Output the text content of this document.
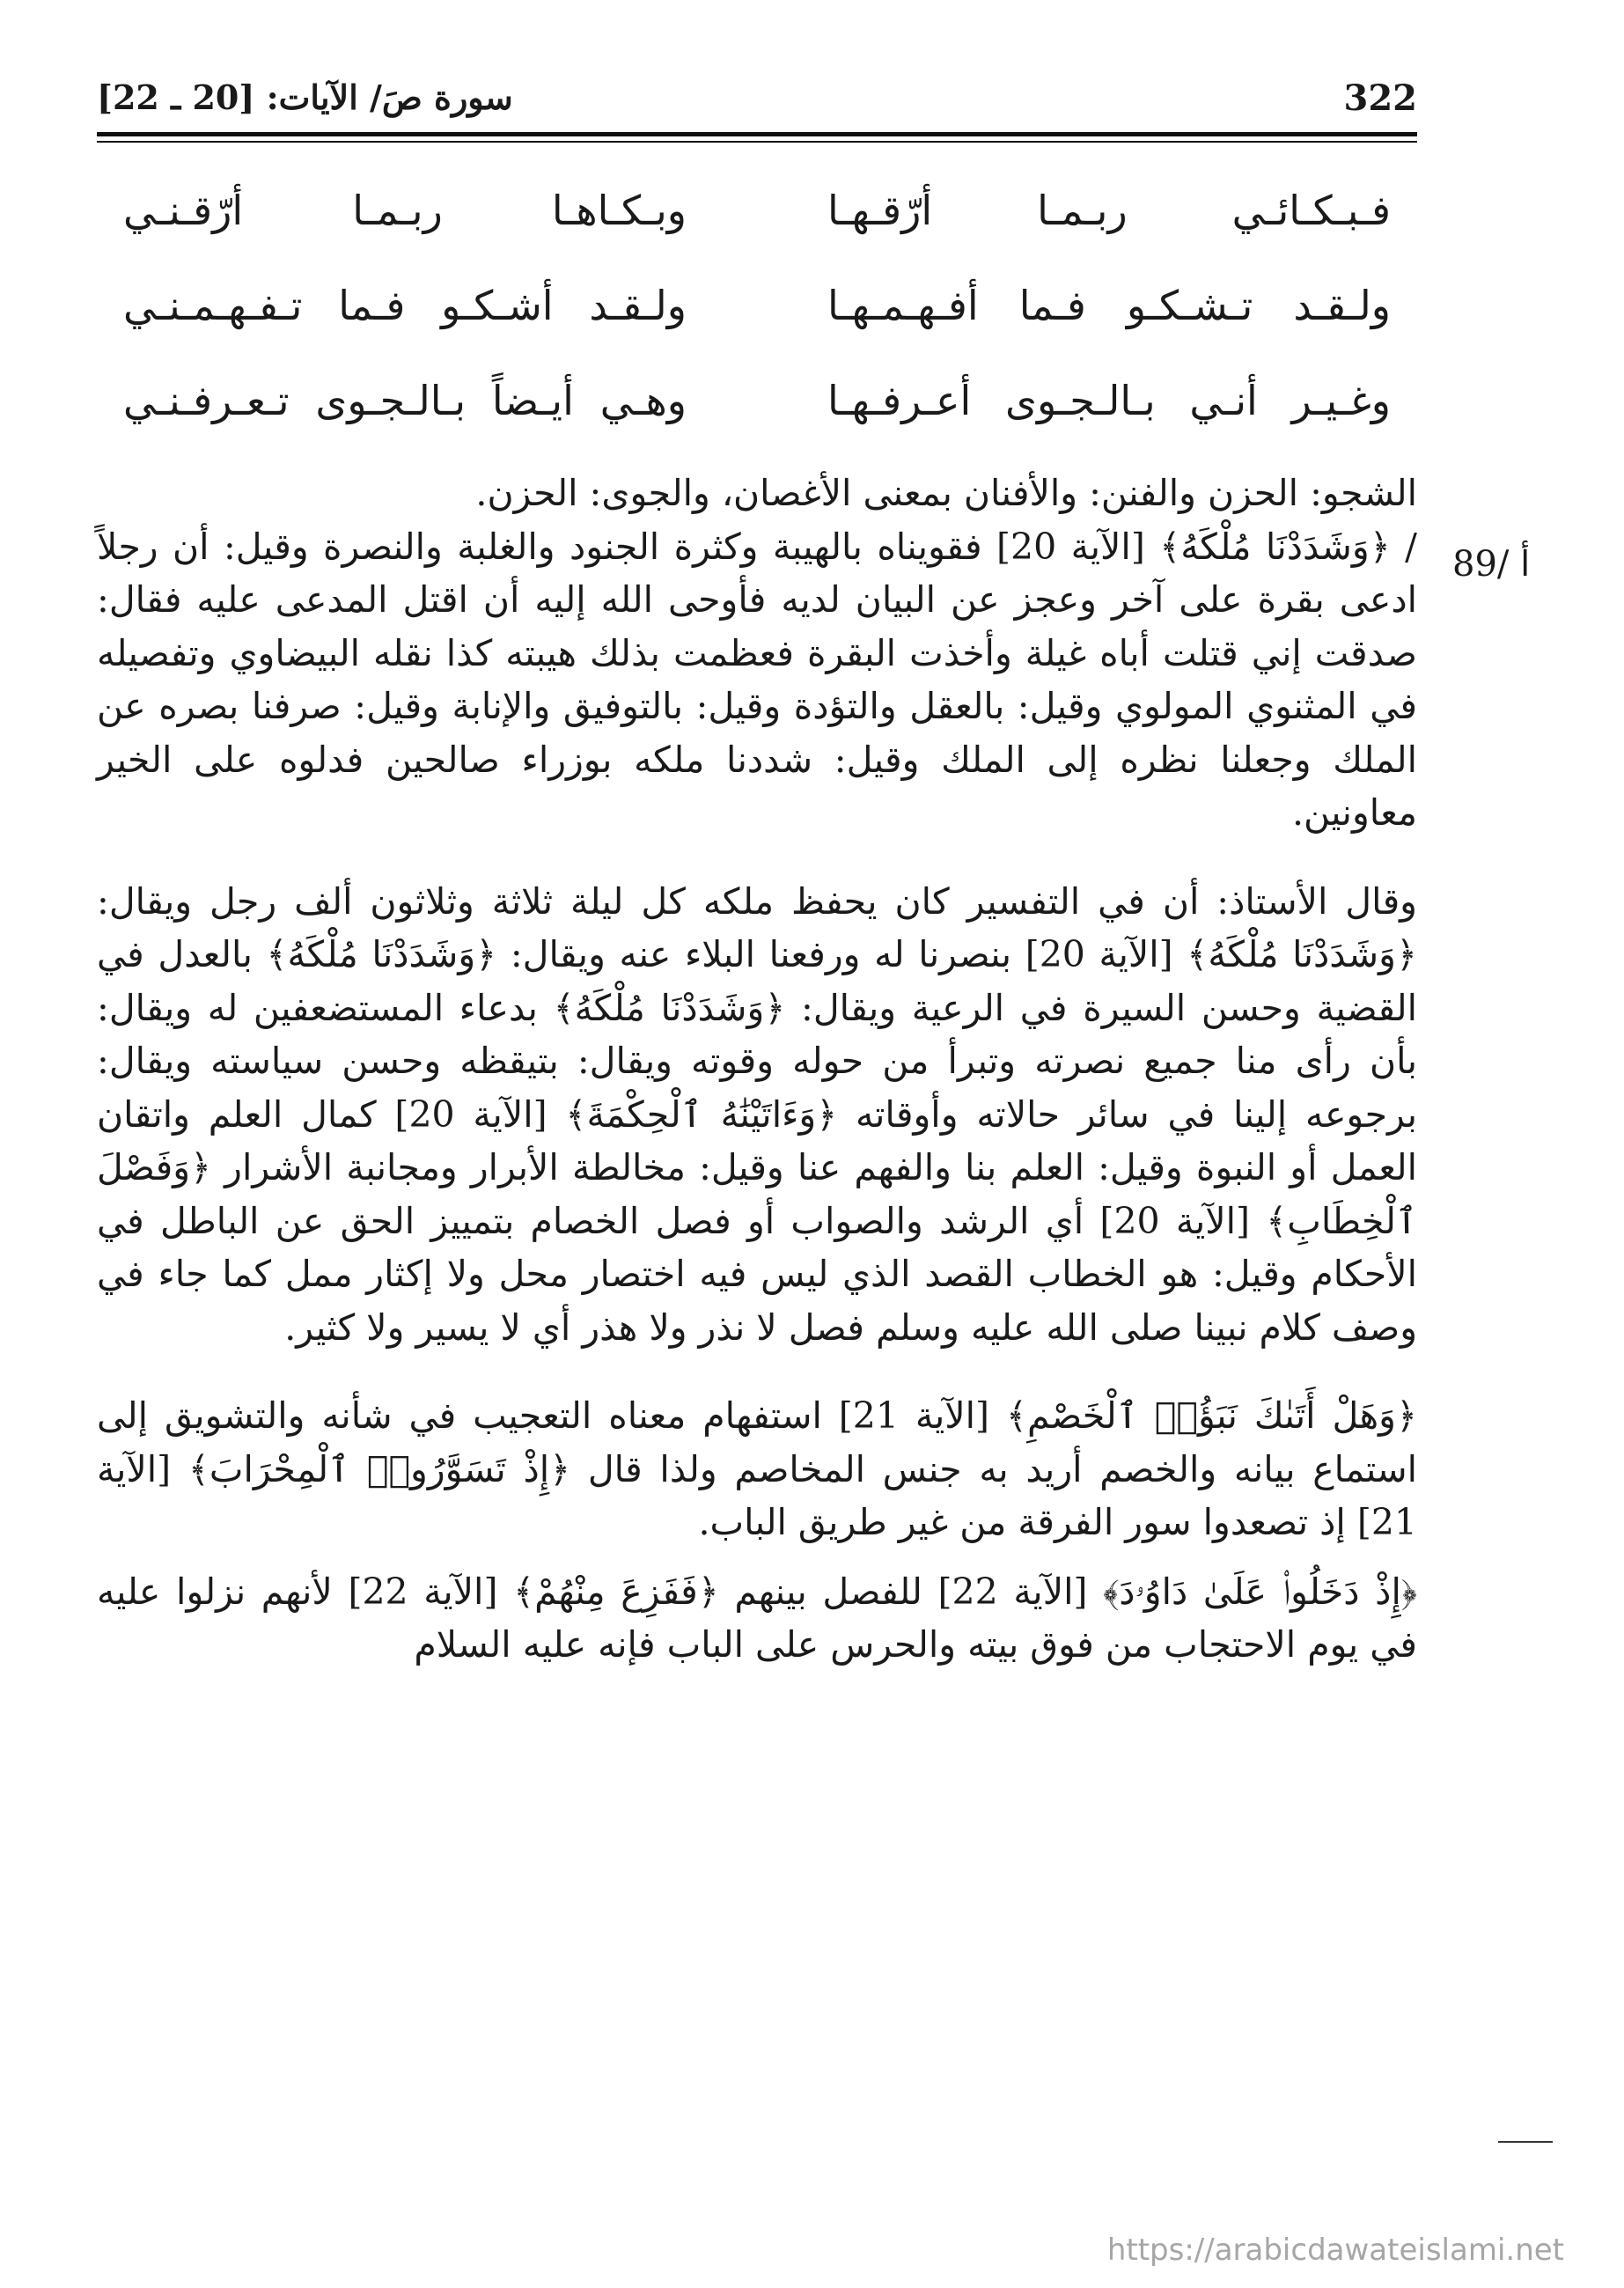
322
سورة صَ/ الآيات: [20 ـ 22]
فـبـكـائـي ربـمـا أرّقـهـا
وبـكـاهـا ربـمـا أرّقـنـي
ولـقـد تـشـكـو فـما أفـهـمـهـا
ولـقـد أشـكـو فـما تـفـهـمـنـي
وغـيـر أنـي بـالـجـوى أعـرفـهـا
وهـي أيـضاً بـالـجـوى تـعـرفـنـي
89/ أ

الشجو: الحزن والفنن: والأفنان بمعنى الأغصان، والجوى: الحزن.

/ ﴿وَشَدَدْنَا مُلْكَهُ﴾ [الآية 20] فقويناه بالهيبة وكثرة الجنود والغلبة والنصرة وقيل: أن رجلاً ادعى بقرة على آخر وعجز عن البيان لديه فأوحى الله إليه أن اقتل المدعى عليه فقال: صدقت إني قتلت أباه غيلة وأخذت البقرة فعظمت بذلك هيبته كذا نقله البيضاوي وتفصيله في المثنوي المولوي وقيل: بالعقل والتؤدة وقيل: بالتوفيق والإنابة وقيل: صرفنا بصره عن الملك وجعلنا نظره إلى الملك وقيل: شددنا ملكه بوزراء صالحين فدلوه على الخير معاونين.

وقال الأستاذ: أن في التفسير كان يحفظ ملكه كل ليلة ثلاثة وثلاثون ألف رجل ويقال: ﴿وَشَدَدْنَا مُلْكَهُ﴾ [الآية 20] بنصرنا له ورفعنا البلاء عنه ويقال: ﴿وَشَدَدْنَا مُلْكَهُ﴾ بالعدل في القضية وحسن السيرة في الرعية ويقال: ﴿وَشَدَدْنَا مُلْكَهُ﴾ بدعاء المستضعفين له ويقال: بأن رأى منا جميع نصرته وتبرأ من حوله وقوته ويقال: بتيقظه وحسن سياسته ويقال: برجوعه إلينا في سائر حالاته وأوقاته ﴿وَءَاتَيْنَٰهُ ٱلْحِكْمَةَ﴾ [الآية 20] كمال العلم واتقان العمل أو النبوة وقيل: العلم بنا والفهم عنا وقيل: مخالطة الأبرار ومجانبة الأشرار ﴿وَفَصْلَ ٱلْخِطَابِ﴾ [الآية 20] أي الرشد والصواب أو فصل الخصام بتمييز الحق عن الباطل في الأحكام وقيل: هو الخطاب القصد الذي ليس فيه اختصار محل ولا إكثار ممل كما جاء في وصف كلام نبينا صلى الله عليه وسلم فصل لا نذر ولا هذر أي لا يسير ولا كثير.

﴿وَهَلْ أَتَىٰكَ نَبَؤُا۟ ٱلْخَصْمِ﴾ [الآية 21] استفهام معناه التعجيب في شأنه والتشويق إلى استماع بيانه والخصم أريد به جنس المخاصم ولذا قال ﴿إِذْ تَسَوَّرُوا۟ ٱلْمِحْرَابَ﴾ [الآية 21] إذ تصعدوا سور الفرقة من غير طريق الباب.

﴿إِذْ دَخَلُوا۟ عَلَىٰ دَاوُۥدَ﴾ [الآية 22] للفصل بينهم ﴿فَفَزِعَ مِنْهُمْ﴾ [الآية 22] لأنهم نزلوا عليه في يوم الاحتجاب من فوق بيته والحرس على الباب فإنه عليه السلام

https://arabicdawateislami.net
